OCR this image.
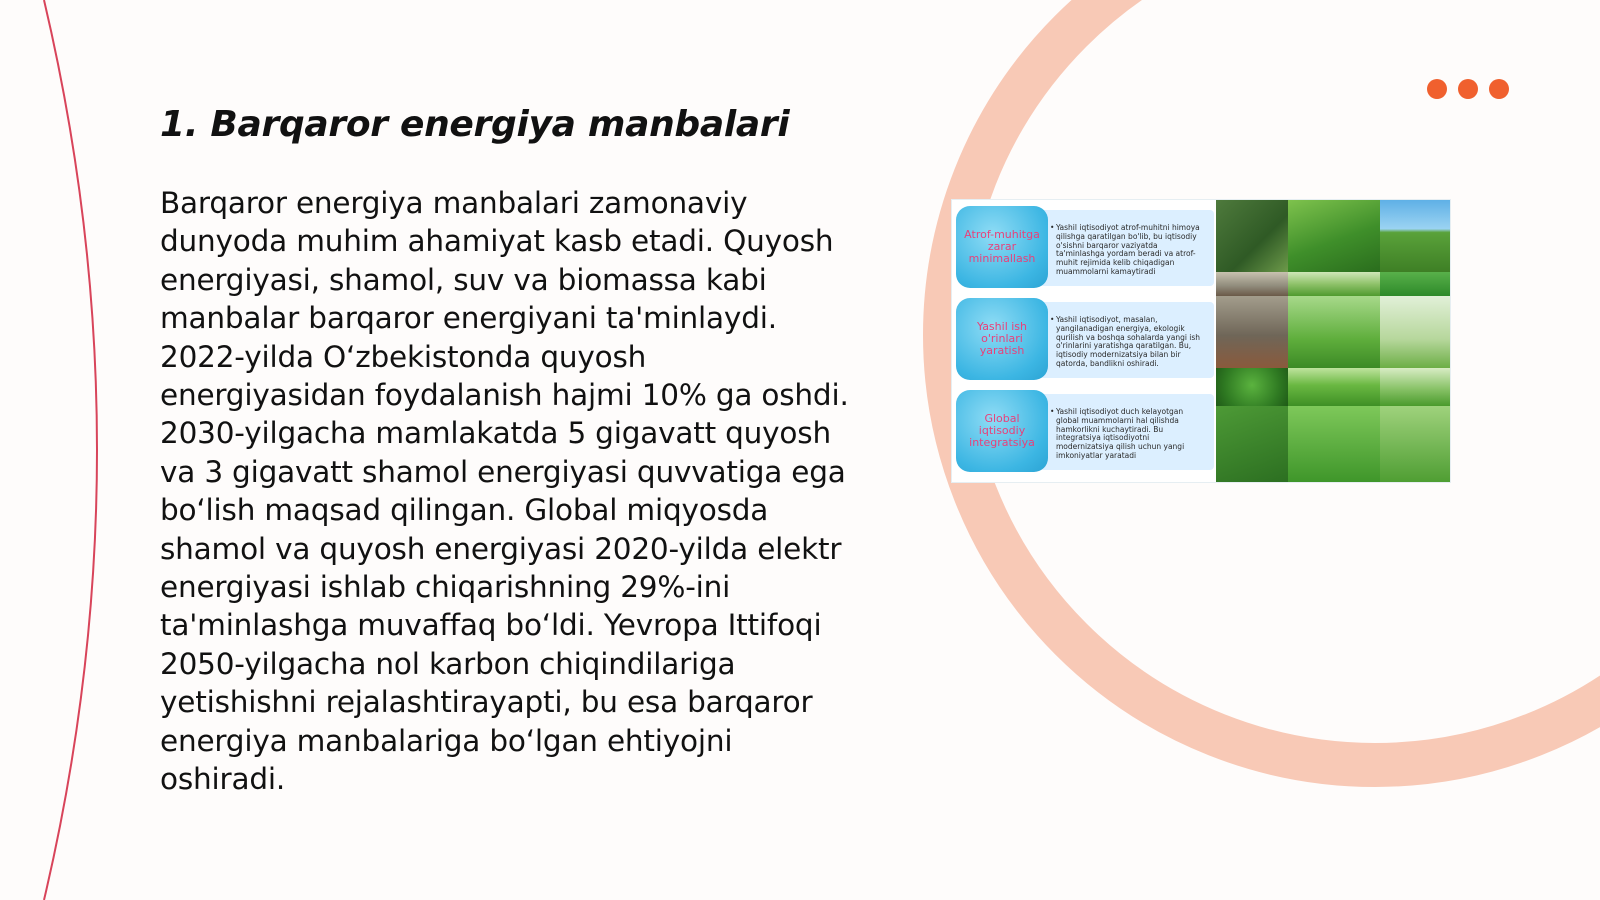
1. Barqaror energiya manbalari

Barqaror energiya manbalari zamonaviy dunyoda muhim ahamiyat kasb etadi. Quyosh energiyasi, shamol, suv va biomassa kabi manbalar barqaror energiyani ta'minlaydi. 2022-yilda O‘zbekistonda quyosh energiyasidan foydalanish hajmi 10% ga oshdi. 2030-yilgacha mamlakatda 5 gigavatt quyosh va 3 gigavatt shamol energiyasi quvvatiga ega bo‘lish maqsad qilingan. Global miqyosda shamol va quyosh energiyasi 2020-yilda elektr energiyasi ishlab chiqarishning 29%-ini ta'minlashga muvaffaq bo‘ldi. Yevropa Ittifoqi 2050-yilgacha nol karbon chiqindilariga yetishishni rejalashtirayapti, bu esa barqaror energiya manbalariga bo‘lgan ehtiyojni oshiradi.

Atrof-muhitga zarar minimallash
• Yashil iqtisodiyot atrof-muhitni himoya qilishga qaratilgan bo'lib, bu iqtisodiy o'sishni barqaror vaziyatda ta'minlashga yordam beradi va atrof-muhit rejimida kelib chiqadigan muammolarni kamaytiradi
Yashil ish o'rinlari yaratish
• Yashil iqtisodiyot, masalan, yangilanadigan energiya, ekologik qurilish va boshqa sohalarda yangi ish o'rinlarini yaratishga qaratilgan. Bu, iqtisodiy modernizatsiya bilan bir qatorda, bandlikni oshiradi.
Global iqtisodiy integratsiya
• Yashil iqtisodiyot duch kelayotgan global muammolarni hal qilishda hamkorlikni kuchaytiradi. Bu integratsiya iqtisodiyotni modernizatsiya qilish uchun yangi imkoniyatlar yaratadi
